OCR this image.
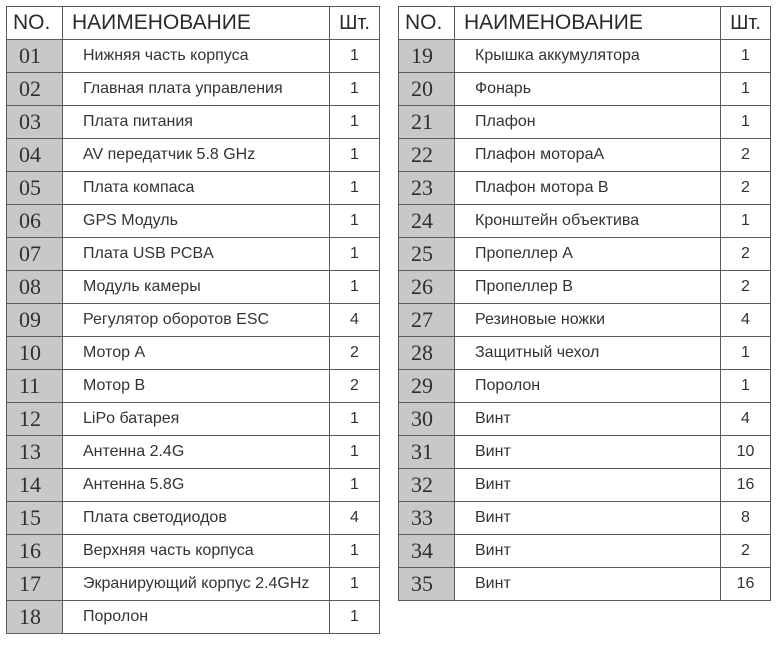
NO.	НАИМЕНОВАНИЕ	Шт.
01	Нижняя часть корпуса	1
02	Главная плата управления	1
03	Плата питания	1
04	AV передатчик 5.8 GHz	1
05	Плата компаса	1
06	GPS Модуль	1
07	Плата USB PCBA	1
08	Модуль камеры	1
09	Регулятор оборотов ESC	4
10	Мотор А	2
11	Мотор В	2
12	LiPo батарея	1
13	Антенна 2.4G	1
14	Антенна 5.8G	1
15	Плата светодиодов	4
16	Верхняя часть корпуса	1
17	Экранирующий корпус 2.4GHz	1
18	Поролон	1
NO.	НАИМЕНОВАНИЕ	Шт.
19	Крышка аккумулятора	1
20	Фонарь	1
21	Плафон	1
22	Плафон мотораА	2
23	Плафон мотора В	2
24	Кронштейн объектива	1
25	Пропеллер А	2
26	Пропеллер В	2
27	Резиновые ножки	4
28	Защитный чехол	1
29	Поролон	1
30	Винт	4
31	Винт	10
32	Винт	16
33	Винт	8
34	Винт	2
35	Винт	16
